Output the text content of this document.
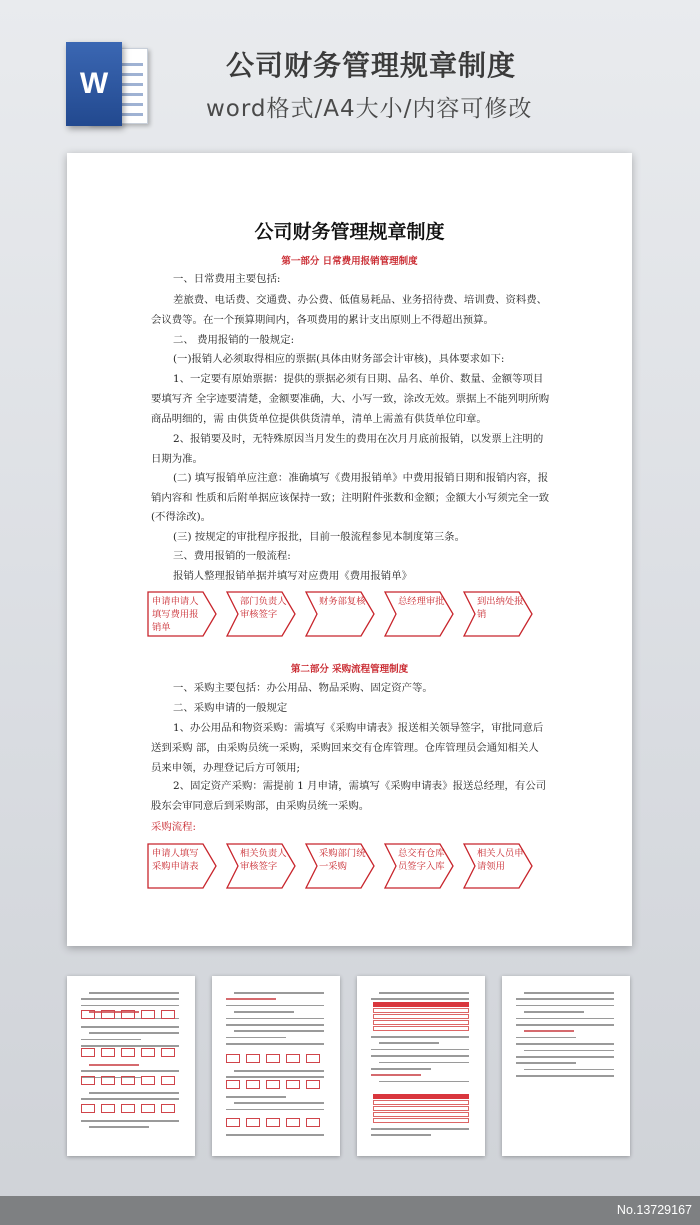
W
公司财务管理规章制度
word格式/A4大小/内容可修改
公司财务管理规章制度
第一部分 日常费用报销管理制度
一、日常费用主要包括:
差旅费、电话费、交通费、办公费、低值易耗品、业务招待费、培训费、资料费、
会议费等。在一个预算期间内，各项费用的累计支出原则上不得超出预算。
二、 费用报销的一般规定:
(一)报销人必须取得相应的票据(具体由财务部会计审核)，具体要求如下:
1、一定要有原始票据：提供的票据必须有日期、品名、单价、数量、金额等项目
要填写齐 全字迹要清楚，金额要准确，大、小写一致，涂改无效。票据上不能列明所购
商品明细的，需 由供货单位提供供货清单，清单上需盖有供货单位印章。
2、报销要及时，无特殊原因当月发生的费用在次月月底前报销，以发票上注明的
日期为准。
(二) 填写报销单应注意：准确填写《费用报销单》中费用报销日期和报销内容，报
销内容和 性质和后附单据应该保持一致；注明附件张数和金额；金额大小写须完全一致
(不得涂改)。
(三) 按规定的审批程序报批，目前一般流程参见本制度第三条。
三、费用报销的一般流程:
报销人整理报销单据并填写对应费用《费用报销单》
申请申请人填写费用报销单
部门负责人审核签字
财务部复核	总经理审批	到出纳处报销
第二部分 采购流程管理制度
一、采购主要包括：办公用品、物品采购、固定资产等。
二、采购申请的一般规定
1、办公用品和物资采购：需填写《采购申请表》报送相关领导签字，审批同意后
送到采购 部，由采购员统一采购，采购回来交有仓库管理。仓库管理员会通知相关人
员来申领，办理登记后方可领用;
2、固定资产采购：需提前 1 月申请，需填写《采购申请表》报送总经理，有公司
股东会审同意后到采购部，由采购员统一采购。
采购流程:
申请人填写采购申请表
相关负责人审核签字
采购部门统一采购
总交有仓库员签字入库
相关人员申请领用
No.13729167
